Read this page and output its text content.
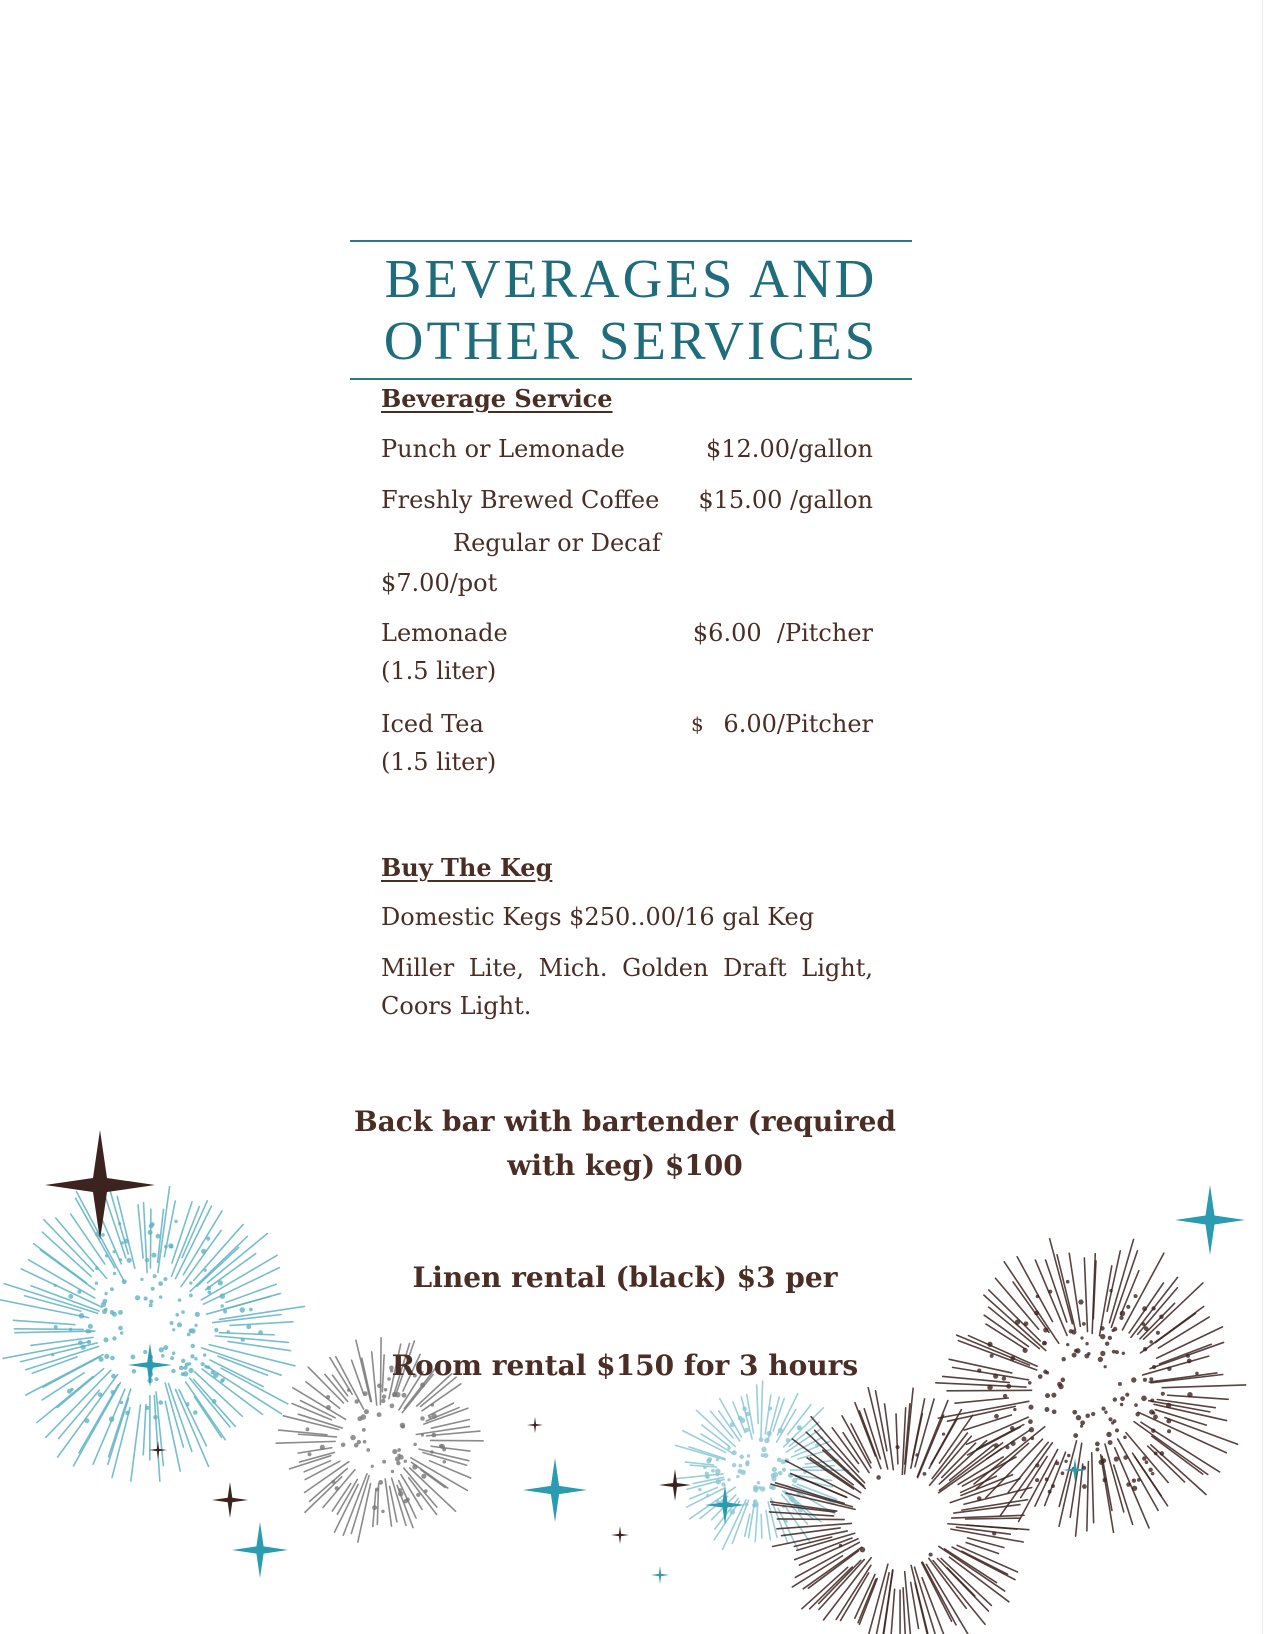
BEVERAGES AND
OTHER SERVICES
Beverage Service
Punch or Lemonade	$12.00/gallon
Freshly Brewed Coffee $15.00 /gallon
Regular or Decaf
$7.00/pot
Lemonade	$6.00  /Pitcher
(1.5 liter)
Iced Tea	$ 6.00/Pitcher
(1.5 liter)
Buy The Keg
Domestic Kegs $250..00/16 gal Keg
Miller Lite, Mich. Golden Draft Light,
Coors Light.
Back bar with bartender (required
with keg) $100
Linen rental (black) $3 per
Room rental $150 for 3 hours
